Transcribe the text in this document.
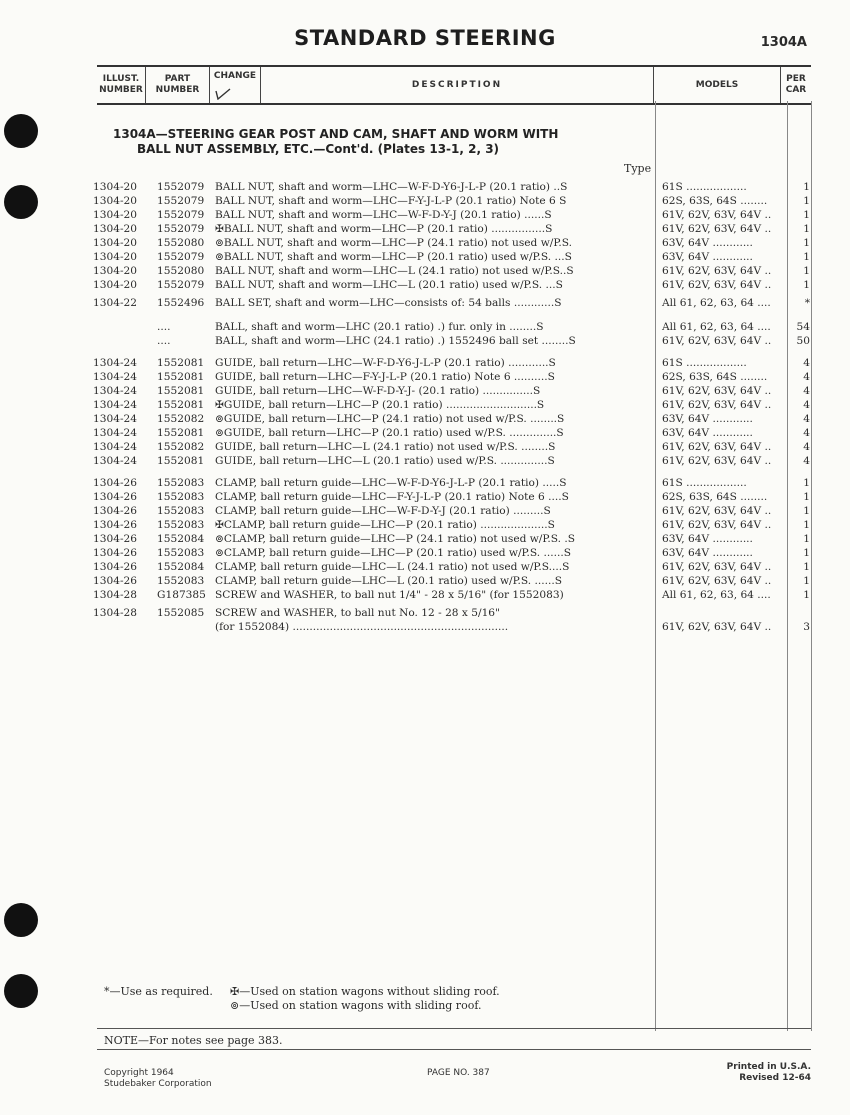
STANDARD STEERING	1304A
ILLUST.
NUMBER
PART
NUMBER
CHANGE
DESCRIPTION	MODELS
PER
CAR
1304A—STEERING GEAR POST AND CAM, SHAFT AND WORM WITH
BALL NUT ASSEMBLY, ETC.—Cont'd. (Plates 13-1, 2, 3)
Type
1304-20 1552079 BALL NUT, shaft and worm—LHC—W-F-D-Y6-J-L-P (20.1 ratio) ..S	61S ..................	1
1304-20 1552079 BALL NUT, shaft and worm—LHC—F-Y-J-L-P (20.1 ratio) Note 6 S	62S, 63S, 64S ........	1
1304-20 1552079 BALL NUT, shaft and worm—LHC—W-F-D-Y-J (20.1 ratio) ......S	61V, 62V, 63V, 64V ..	1
1304-20 1552079 ✠BALL NUT, shaft and worm—LHC—P (20.1 ratio) ................S	61V, 62V, 63V, 64V ..	1
1304-20 1552080 ⊚BALL NUT, shaft and worm—LHC—P (24.1 ratio) not used w/P.S.	63V, 64V ............	1
1304-20 1552079 ⊚BALL NUT, shaft and worm—LHC—P (20.1 ratio) used w/P.S. ...S	63V, 64V ............	1
1304-20 1552080 BALL NUT, shaft and worm—LHC—L (24.1 ratio) not used w/P.S..S	61V, 62V, 63V, 64V ..	1
1304-20 1552079 BALL NUT, shaft and worm—LHC—L (20.1 ratio) used w/P.S. ...S	61V, 62V, 63V, 64V ..	1
1304-22 1552496 BALL SET, shaft and worm—LHC—consists of: 54 balls ............S	All 61, 62, 63, 64 ....	*
....	BALL, shaft and worm—LHC (20.1 ratio) .) fur. only in ........S	All 61, 62, 63, 64 ....	54
....	BALL, shaft and worm—LHC (24.1 ratio) .) 1552496 ball set ........S	61V, 62V, 63V, 64V ..	50
1304-24 1552081 GUIDE, ball return—LHC—W-F-D-Y6-J-L-P (20.1 ratio) ............S	61S ..................	4
1304-24 1552081 GUIDE, ball return—LHC—F-Y-J-L-P (20.1 ratio) Note 6 ..........S	62S, 63S, 64S ........	4
1304-24 1552081 GUIDE, ball return—LHC—W-F-D-Y-J- (20.1 ratio) ...............S	61V, 62V, 63V, 64V ..	4
1304-24 1552081 ✠GUIDE, ball return—LHC—P (20.1 ratio) ...........................S	61V, 62V, 63V, 64V ..	4
1304-24 1552082 ⊚GUIDE, ball return—LHC—P (24.1 ratio) not used w/P.S. ........S	63V, 64V ............	4
1304-24 1552081 ⊚GUIDE, ball return—LHC—P (20.1 ratio) used w/P.S. ..............S	63V, 64V ............	4
1304-24 1552082 GUIDE, ball return—LHC—L (24.1 ratio) not used w/P.S. ........S	61V, 62V, 63V, 64V ..	4
1304-24 1552081 GUIDE, ball return—LHC—L (20.1 ratio) used w/P.S. ..............S	61V, 62V, 63V, 64V ..	4
1304-26 1552083 CLAMP, ball return guide—LHC—W-F-D-Y6-J-L-P (20.1 ratio) .....S	61S ..................	1
1304-26 1552083 CLAMP, ball return guide—LHC—F-Y-J-L-P (20.1 ratio) Note 6 ....S	62S, 63S, 64S ........	1
1304-26 1552083 CLAMP, ball return guide—LHC—W-F-D-Y-J (20.1 ratio) .........S	61V, 62V, 63V, 64V ..	1
1304-26 1552083 ✠CLAMP, ball return guide—LHC—P (20.1 ratio) ....................S	61V, 62V, 63V, 64V ..	1
1304-26 1552084 ⊚CLAMP, ball return guide—LHC—P (24.1 ratio) not used w/P.S. .S	63V, 64V ............	1
1304-26 1552083 ⊚CLAMP, ball return guide—LHC—P (20.1 ratio) used w/P.S. ......S	63V, 64V ............	1
1304-26 1552084 CLAMP, ball return guide—LHC—L (24.1 ratio) not used w/P.S....S	61V, 62V, 63V, 64V ..	1
1304-26 1552083 CLAMP, ball return guide—LHC—L (20.1 ratio) used w/P.S. ......S	61V, 62V, 63V, 64V ..	1
1304-28 G187385 SCREW and WASHER, to ball nut 1/4" - 28 x 5/16" (for 1552083)	All 61, 62, 63, 64 ....	1
1304-28 1552085 SCREW and WASHER, to ball nut No. 12 - 28 x 5/16"
(for 1552084) ................................................................	61V, 62V, 63V, 64V ..	3
*—Use as required.	✠—Used on station wagons without sliding roof.
⊚—Used on station wagons with sliding roof.
NOTE—For notes see page 383.
Copyright 1964
Studebaker Corporation
PAGE NO. 387
Printed in U.S.A.
Revised 12-64
